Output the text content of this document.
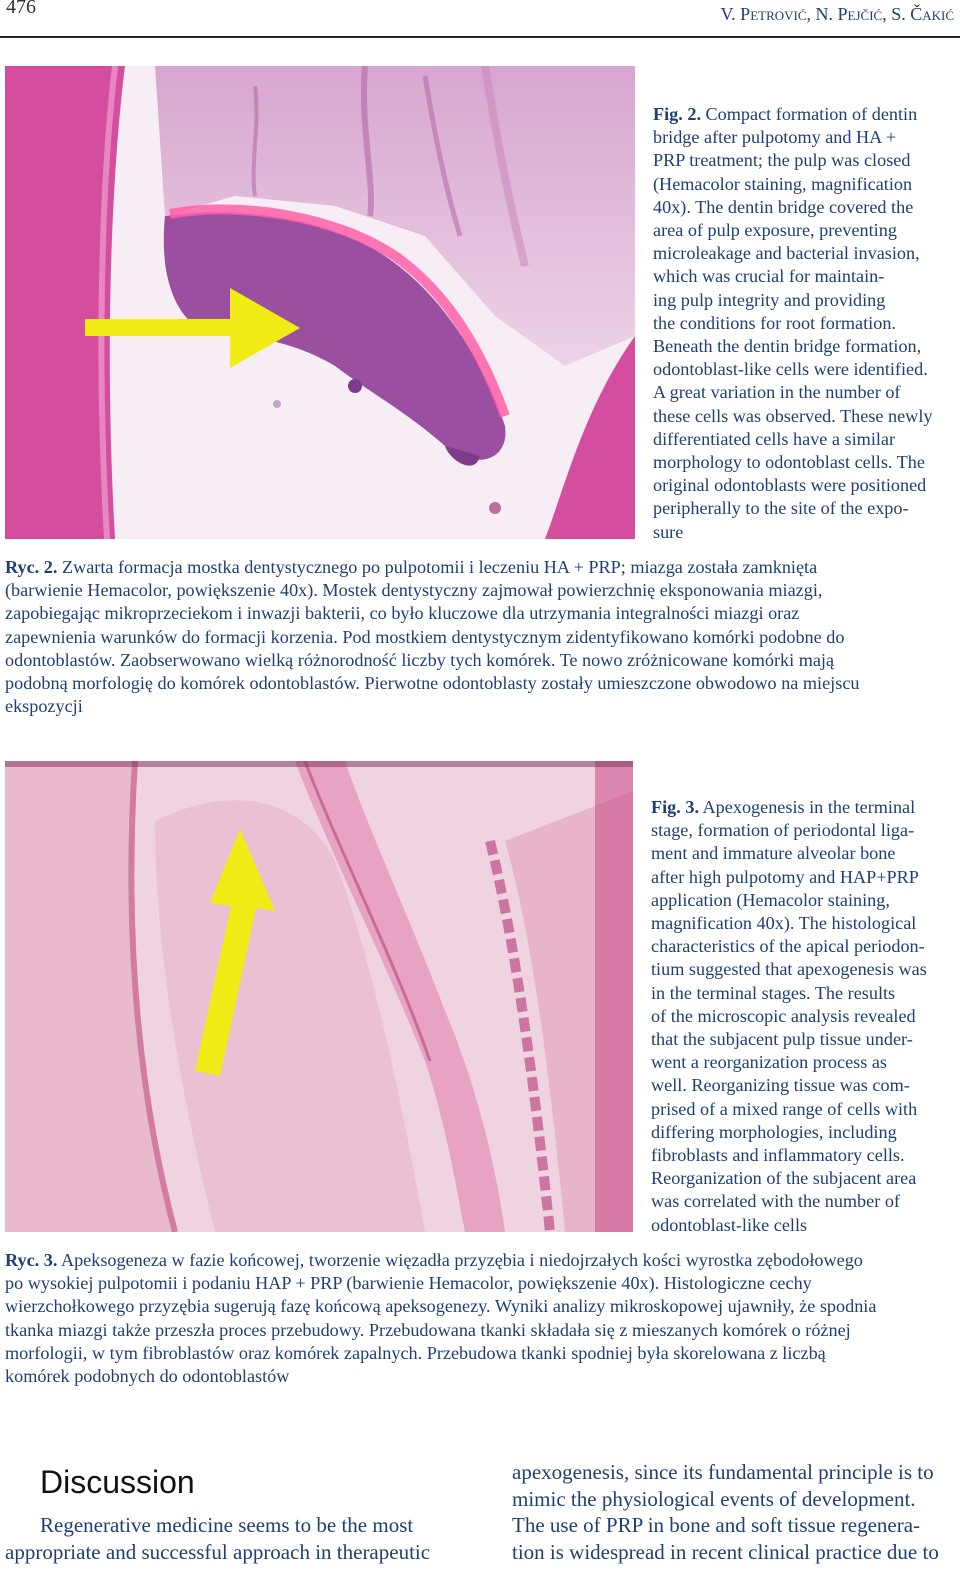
476	V. Petrović, N. Pejčić, S. Čakić
Fig. 2. Compact formation of dentin
bridge after pulpotomy and HA +
PRP treatment; the pulp was closed
(Hemacolor staining, magnification
40x). The dentin bridge covered the
area of pulp exposure, preventing
microleakage and bacterial invasion,
which was crucial for maintain-
ing pulp integrity and providing
the conditions for root formation.
Beneath the dentin bridge formation,
odontoblast-like cells were identified.
A great variation in the number of
these cells was observed. These newly
differentiated cells have a similar
morphology to odontoblast cells. The
original odontoblasts were positioned
peripherally to the site of the expo-
sure
Ryc. 2. Zwarta formacja mostka dentystycznego po pulpotomii i leczeniu HA + PRP; miazga została zamknięta
(barwienie Hemacolor, powiększenie 40x). Mostek dentystyczny zajmował powierzchnię eksponowania miazgi,
zapobiegając mikroprzeciekom i inwazji bakterii, co było kluczowe dla utrzymania integralności miazgi oraz
zapewnienia warunków do formacji korzenia. Pod mostkiem dentystycznym zidentyfikowano komórki podobne do
odontoblastów. Zaobserwowano wielką różnorodność liczby tych komórek. Te nowo zróżnicowane komórki mają
podobną morfologię do komórek odontoblastów. Pierwotne odontoblasty zostały umieszczone obwodowo na miejscu
ekspozycji
Fig. 3. Apexogenesis in the terminal
stage, formation of periodontal liga-
ment and immature alveolar bone
after high pulpotomy and HAP+PRP
application (Hemacolor staining,
magnification 40x). The histological
characteristics of the apical periodon-
tium suggested that apexogenesis was
in the terminal stages. The results
of the microscopic analysis revealed
that the subjacent pulp tissue under-
went a reorganization process as
well. Reorganizing tissue was com-
prised of a mixed range of cells with
differing morphologies, including
fibroblasts and inflammatory cells.
Reorganization of the subjacent area
was correlated with the number of
odontoblast-like cells
Ryc. 3. Apeksogeneza w fazie końcowej, tworzenie więzadła przyzębia i niedojrzałych kości wyrostka zębodołowego
po wysokiej pulpotomii i podaniu HAP + PRP (barwienie Hemacolor, powiększenie 40x). Histologiczne cechy
wierzchołkowego przyzębia sugerują fazę końcową apeksogenezy. Wyniki analizy mikroskopowej ujawniły, że spodnia
tkanka miazgi także przeszła proces przebudowy. Przebudowana tkanki składała się z mieszanych komórek o różnej
morfologii, w tym fibroblastów oraz komórek zapalnych. Przebudowa tkanki spodniej była skorelowana z liczbą
komórek podobnych do odontoblastów
Discussion
Regenerative medicine seems to be the most
appropriate and successful approach in therapeutic
apexogenesis, since its fundamental principle is to
mimic the physiological events of development.
The use of PRP in bone and soft tissue regenera-
tion is widespread in recent clinical practice due to
